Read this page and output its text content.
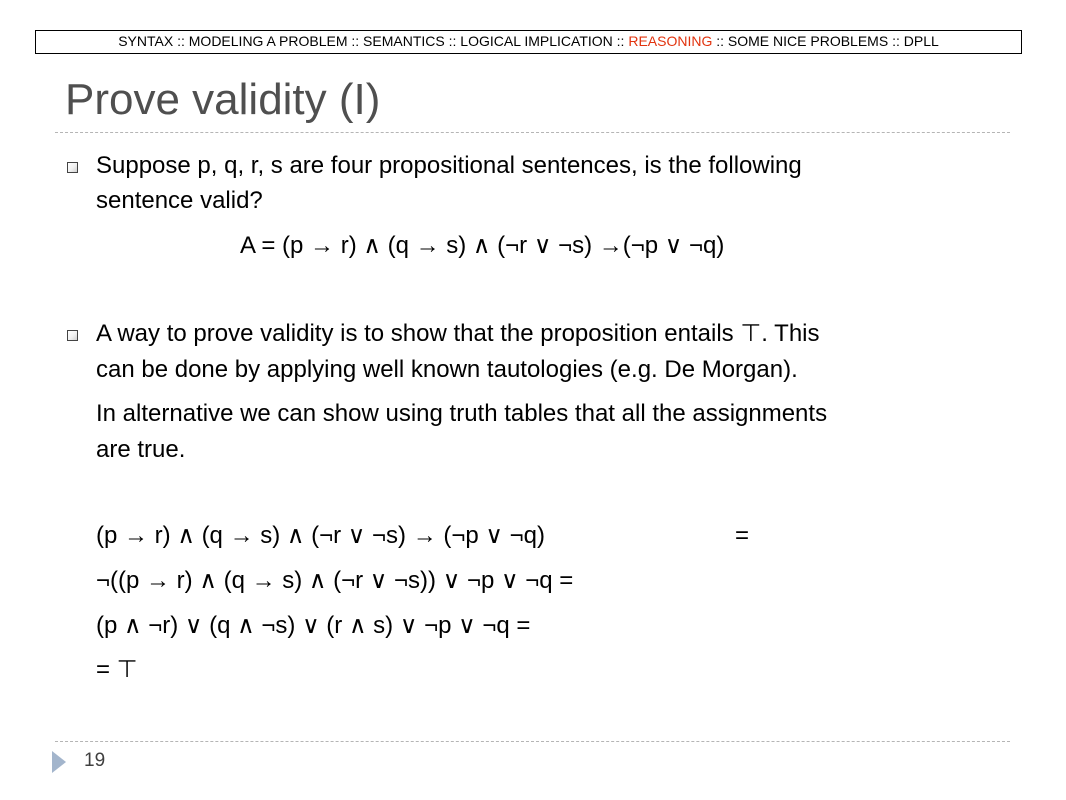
SYNTAX :: MODELING A PROBLEM :: SEMANTICS :: LOGICAL IMPLICATION :: REASONING :: SOME NICE PROBLEMS :: DPLL
Prove validity (I)
Suppose p, q, r, s are four propositional sentences, is the following
sentence valid?
A = (p → r) ∧ (q → s) ∧ (¬r ∨ ¬s) →(¬p ∨ ¬q)
A way to prove validity is to show that the proposition entails ⊤. This
can be done by applying well known tautologies (e.g. De Morgan).
In alternative we can show using truth tables that all the assignments
are true.
(p → r) ∧ (q → s) ∧ (¬r ∨ ¬s) → (¬p ∨ ¬q)	=
¬((p → r) ∧ (q → s) ∧ (¬r ∨ ¬s)) ∨ ¬p ∨ ¬q =
(p ∧ ¬r) ∨ (q ∧ ¬s) ∨ (r ∧ s) ∨ ¬p ∨ ¬q =
= ⊤
19
